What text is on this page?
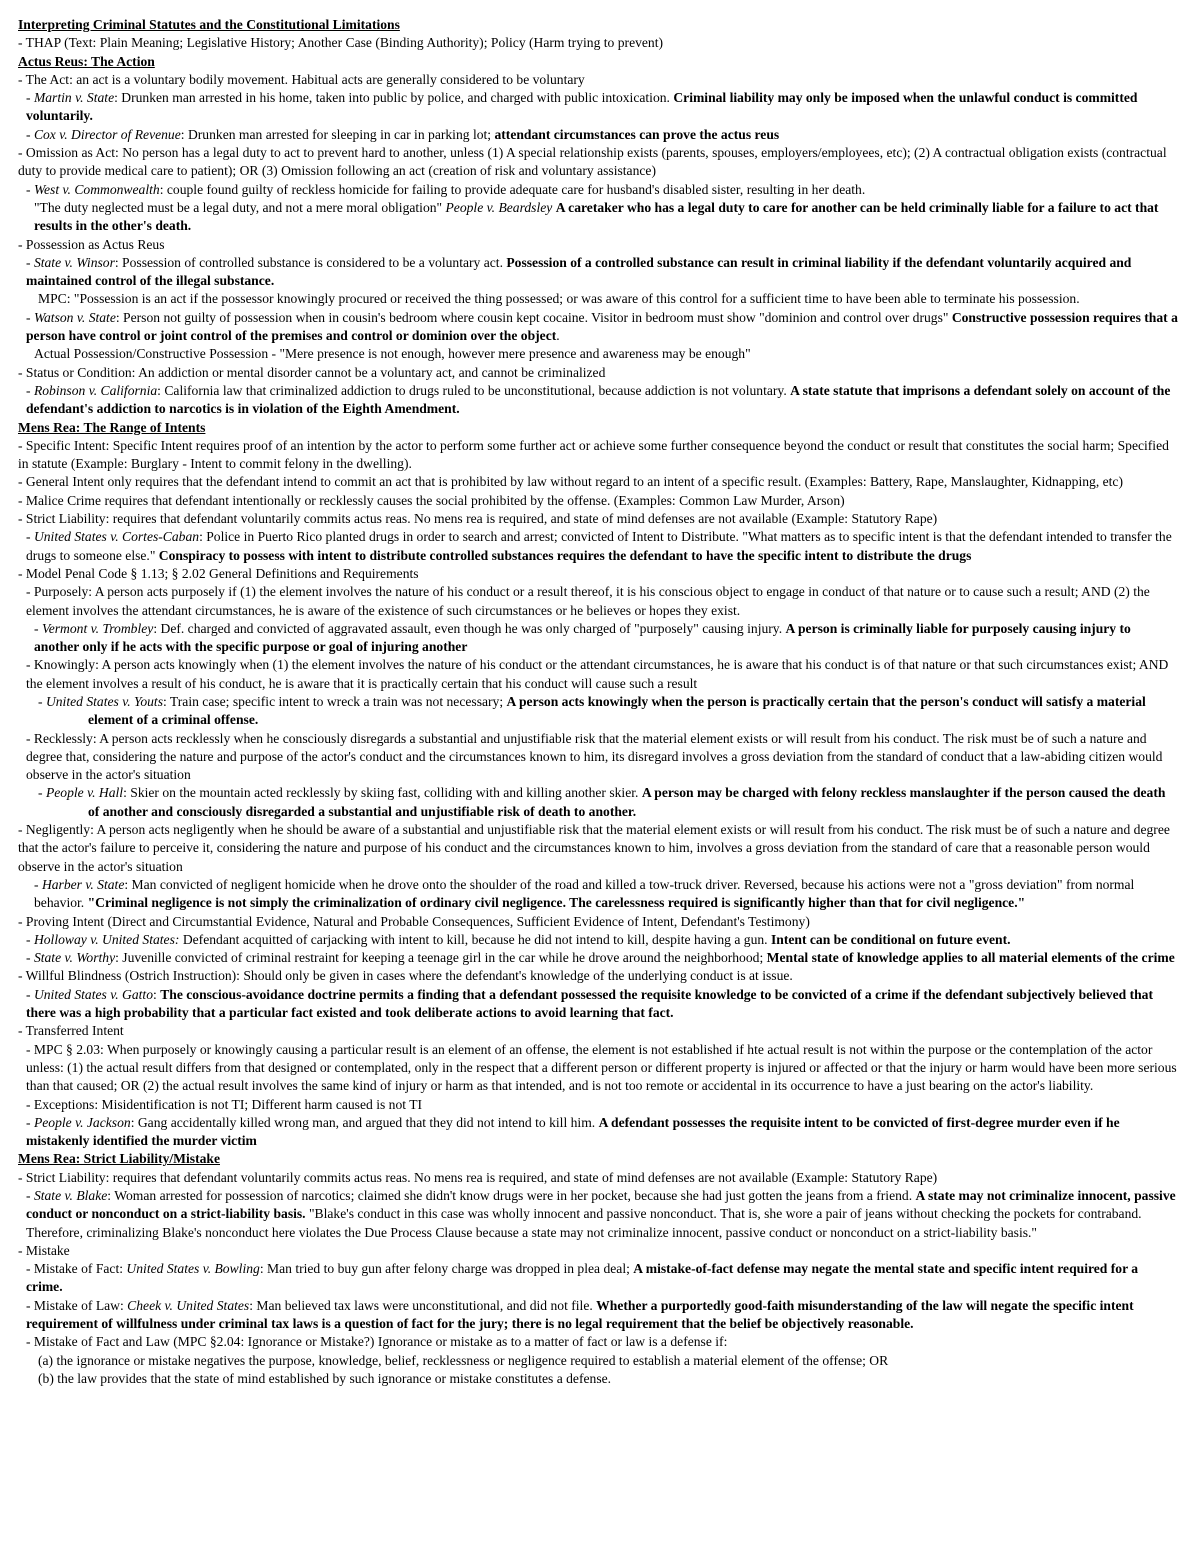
Interpreting Criminal Statutes and the Constitutional Limitations
- THAP (Text: Plain Meaning; Legislative History; Another Case (Binding Authority); Policy (Harm trying to prevent)
Actus Reus: The Action
- The Act: an act is a voluntary bodily movement. Habitual acts are generally considered to be voluntary
- Martin v. State: Drunken man arrested in his home, taken into public by police, and charged with public intoxication. Criminal liability may only be imposed when the unlawful conduct is committed voluntarily.
- Cox v. Director of Revenue: Drunken man arrested for sleeping in car in parking lot; attendant circumstances can prove the actus reus
- Omission as Act: No person has a legal duty to act to prevent hard to another, unless (1) A special relationship exists (parents, spouses, employers/employees, etc); (2) A contractual obligation exists (contractual duty to provide medical care to patient); OR (3) Omission following an act (creation of risk and voluntary assistance)
- West v. Commonwealth: couple found guilty of reckless homicide for failing to provide adequate care for husband's disabled sister, resulting in her death.
"The duty neglected must be a legal duty, and not a mere moral obligation" People v. Beardsley A caretaker who has a legal duty to care for another can be held criminally liable for a failure to act that results in the other's death.
- Possession as Actus Reus
- State v. Winsor: Possession of controlled substance is considered to be a voluntary act. Possession of a controlled substance can result in criminal liability if the defendant voluntarily acquired and maintained control of the illegal substance.
MPC: "Possession is an act if the possessor knowingly procured or received the thing possessed; or was aware of this control for a sufficient time to have been able to terminate his possession.
- Watson v. State: Person not guilty of possession when in cousin's bedroom where cousin kept cocaine. Visitor in bedroom must show "dominion and control over drugs" Constructive possession requires that a person have control or joint control of the premises and control or dominion over the object.
Actual Possession/Constructive Possession - "Mere presence is not enough, however mere presence and awareness may be enough"
- Status or Condition: An addiction or mental disorder cannot be a voluntary act, and cannot be criminalized
- Robinson v. California: California law that criminalized addiction to drugs ruled to be unconstitutional, because addiction is not voluntary. A state statute that imprisons a defendant solely on account of the defendant's addiction to narcotics is in violation of the Eighth Amendment.
Mens Rea: The Range of Intents
- Specific Intent: Specific Intent requires proof of an intention by the actor to perform some further act or achieve some further consequence beyond the conduct or result that constitutes the social harm; Specified in statute (Example: Burglary - Intent to commit felony in the dwelling).
- General Intent only requires that the defendant intend to commit an act that is prohibited by law without regard to an intent of a specific result. (Examples: Battery, Rape, Manslaughter, Kidnapping, etc)
- Malice Crime requires that defendant intentionally or recklessly causes the social prohibited by the offense. (Examples: Common Law Murder, Arson)
- Strict Liability: requires that defendant voluntarily commits actus reas. No mens rea is required, and state of mind defenses are not available (Example: Statutory Rape)
- United States v. Cortes-Caban: Police in Puerto Rico planted drugs in order to search and arrest; convicted of Intent to Distribute. "What matters as to specific intent is that the defendant intended to transfer the drugs to someone else." Conspiracy to possess with intent to distribute controlled substances requires the defendant to have the specific intent to distribute the drugs
- Model Penal Code § 1.13; § 2.02 General Definitions and Requirements
- Purposely: A person acts purposely if (1) the element involves the nature of his conduct or a result thereof, it is his conscious object to engage in conduct of that nature or to cause such a result; AND (2) the element involves the attendant circumstances, he is aware of the existence of such circumstances or he believes or hopes they exist.
- Vermont v. Trombley: Def. charged and convicted of aggravated assault, even though he was only charged of "purposely" causing injury. A person is criminally liable for purposely causing injury to another only if he acts with the specific purpose or goal of injuring another
- Knowingly: A person acts knowingly when (1) the element involves the nature of his conduct or the attendant circumstances, he is aware that his conduct is of that nature or that such circumstances exist; AND the element involves a result of his conduct, he is aware that it is practically certain that his conduct will cause such a result
- United States v. Youts: Train case; specific intent to wreck a train was not necessary; A person acts knowingly when the person is practically certain that the person's conduct will satisfy a material element of a criminal offense.
- Recklessly: A person acts recklessly when he consciously disregards a substantial and unjustifiable risk that the material element exists or will result from his conduct. The risk must be of such a nature and degree that, considering the nature and purpose of the actor's conduct and the circumstances known to him, its disregard involves a gross deviation from the standard of conduct that a law-abiding citizen would observe in the actor's situation
- People v. Hall: Skier on the mountain acted recklessly by skiing fast, colliding with and killing another skier. A person may be charged with felony reckless manslaughter if the person caused the death of another and consciously disregarded a substantial and unjustifiable risk of death to another.
- Negligently: A person acts negligently when he should be aware of a substantial and unjustifiable risk that the material element exists or will result from his conduct. The risk must be of such a nature and degree that the actor's failure to perceive it, considering the nature and purpose of his conduct and the circumstances known to him, involves a gross deviation from the standard of care that a reasonable person would observe in the actor's situation
- Harber v. State: Man convicted of negligent homicide when he drove onto the shoulder of the road and killed a tow-truck driver. Reversed, because his actions were not a "gross deviation" from normal behavior. "Criminal negligence is not simply the criminalization of ordinary civil negligence. The carelessness required is significantly higher than that for civil negligence."
- Proving Intent (Direct and Circumstantial Evidence, Natural and Probable Consequences, Sufficient Evidence of Intent, Defendant's Testimony)
- Holloway v. United States: Defendant acquitted of carjacking with intent to kill, because he did not intend to kill, despite having a gun. Intent can be conditional on future event.
- State v. Worthy: Juvenille convicted of criminal restraint for keeping a teenage girl in the car while he drove around the neighborhood; Mental state of knowledge applies to all material elements of the crime
- Willful Blindness (Ostrich Instruction): Should only be given in cases where the defendant's knowledge of the underlying conduct is at issue.
- United States v. Gatto: The conscious-avoidance doctrine permits a finding that a defendant possessed the requisite knowledge to be convicted of a crime if the defendant subjectively believed that there was a high probability that a particular fact existed and took deliberate actions to avoid learning that fact.
- Transferred Intent
- MPC § 2.03: When purposely or knowingly causing a particular result is an element of an offense, the element is not established if hte actual result is not within the purpose or the contemplation of the actor unless: (1) the actual result differs from that designed or contemplated, only in the respect that a different person or different property is injured or affected or that the injury or harm would have been more serious than that caused; OR (2) the actual result involves the same kind of injury or harm as that intended, and is not too remote or accidental in its occurrence to have a just bearing on the actor's liability.
- Exceptions: Misidentification is not TI; Different harm caused is not TI
- People v. Jackson: Gang accidentally killed wrong man, and argued that they did not intend to kill him. A defendant possesses the requisite intent to be convicted of first-degree murder even if he mistakenly identified the murder victim
Mens Rea: Strict Liability/Mistake
- Strict Liability: requires that defendant voluntarily commits actus reas. No mens rea is required, and state of mind defenses are not available (Example: Statutory Rape)
- State v. Blake: Woman arrested for possession of narcotics; claimed she didn't know drugs were in her pocket, because she had just gotten the jeans from a friend. A state may not criminalize innocent, passive conduct or nonconduct on a strict-liability basis. "Blake's conduct in this case was wholly innocent and passive nonconduct. That is, she wore a pair of jeans without checking the pockets for contraband. Therefore, criminalizing Blake's nonconduct here violates the Due Process Clause because a state may not criminalize innocent, passive conduct or nonconduct on a strict-liability basis."
- Mistake
- Mistake of Fact: United States v. Bowling: Man tried to buy gun after felony charge was dropped in plea deal; A mistake-of-fact defense may negate the mental state and specific intent required for a crime.
- Mistake of Law: Cheek v. United States: Man believed tax laws were unconstitutional, and did not file. Whether a purportedly good-faith misunderstanding of the law will negate the specific intent requirement of willfulness under criminal tax laws is a question of fact for the jury; there is no legal requirement that the belief be objectively reasonable.
- Mistake of Fact and Law (MPC §2.04: Ignorance or Mistake?) Ignorance or mistake as to a matter of fact or law is a defense if:
(a) the ignorance or mistake negatives the purpose, knowledge, belief, recklessness or negligence required to establish a material element of the offense; OR
(b) the law provides that the state of mind established by such ignorance or mistake constitutes a defense.
